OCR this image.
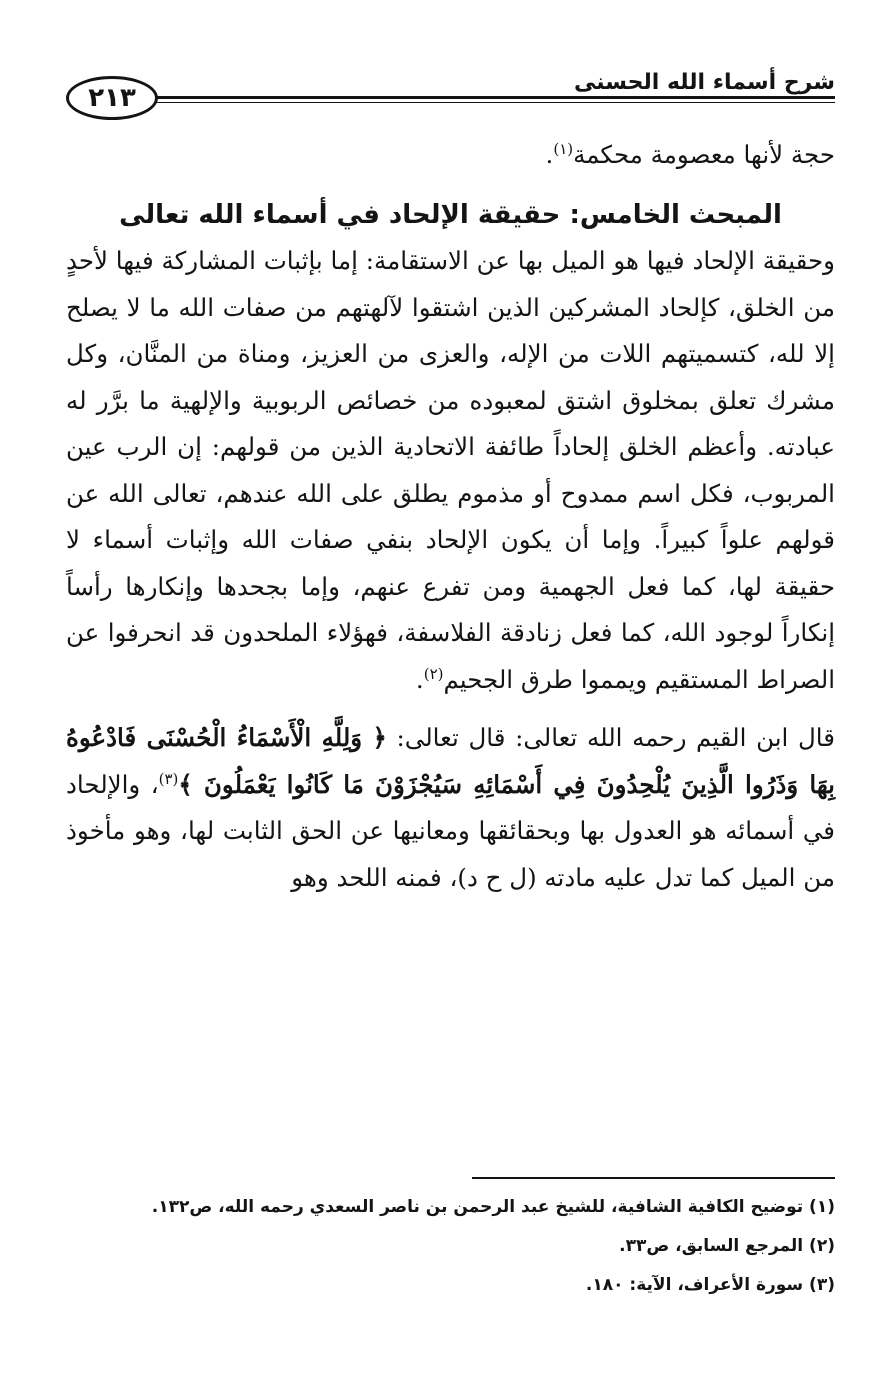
شرح أسماء الله الحسنى
٢١٣

حجة لأنها معصومة محكمة$^{(١)}$.

المبحث الخامس: حقيقة الإلحاد في أسماء الله تعالى

وحقيقة الإلحاد فيها هو الميل بها عن الاستقامة: إما بإثبات المشاركة فيها لأحدٍ من الخلق، كإلحاد المشركين الذين اشتقوا لآلهتهم من صفات الله ما لا يصلح إلا لله، كتسميتهم اللات من الإله، والعزى من العزيز، ومناة من المنَّان، وكل مشرك تعلق بمخلوق اشتق لمعبوده من خصائص الربوبية والإلهية ما برَّر له عبادته. وأعظم الخلق إلحاداً طائفة الاتحادية الذين من قولهم: إن الرب عين المربوب، فكل اسم ممدوح أو مذموم يطلق على الله عندهم، تعالى الله عن قولهم علواً كبيراً. وإما أن يكون الإلحاد بنفي صفات الله وإثبات أسماء لا حقيقة لها، كما فعل الجهمية ومن تفرع عنهم، وإما بجحدها وإنكارها رأساً إنكاراً لوجود الله، كما فعل زنادقة الفلاسفة، فهؤلاء الملحدون قد انحرفوا عن الصراط المستقيم ويمموا طرق الجحيم$^{(٢)}$.

قال ابن القيم رحمه الله تعالى: قال تعالى: ﴿ وَلِلَّهِ الْأَسْمَاءُ الْحُسْنَى فَادْعُوهُ بِهَا وَذَرُوا الَّذِينَ يُلْحِدُونَ فِي أَسْمَائِهِ سَيُجْزَوْنَ مَا كَانُوا يَعْمَلُونَ ﴾$^{(٣)}$، والإلحاد في أسمائه هو العدول بها وبحقائقها ومعانيها عن الحق الثابت لها، وهو مأخوذ من الميل كما تدل عليه مادته (ل ح د)، فمنه اللحد وهو

(١) توضيح الكافية الشافية، للشيخ عبد الرحمن بن ناصر السعدي رحمه الله، ص١٣٢.

(٢) المرجع السابق، ص٣٣.

(٣) سورة الأعراف، الآية: ١٨٠.
